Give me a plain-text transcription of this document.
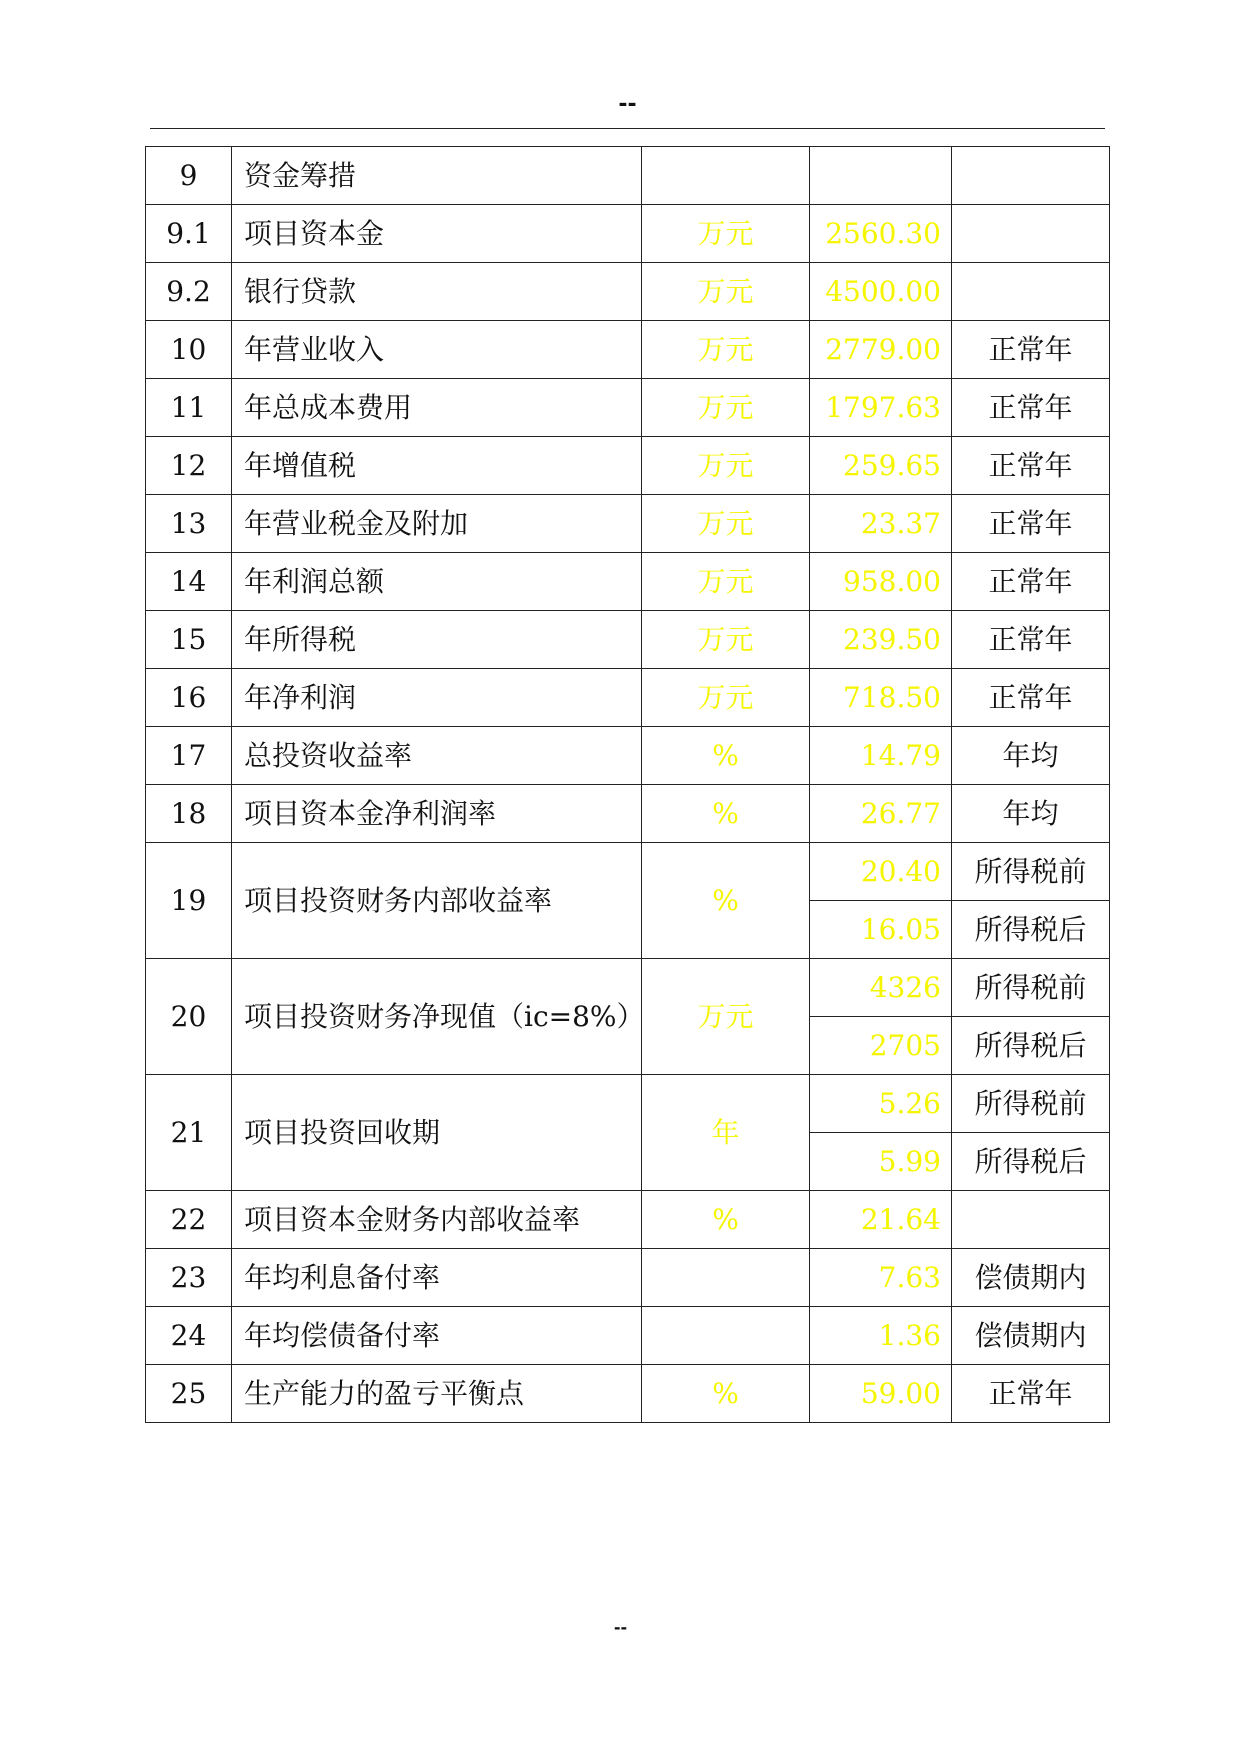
--
9	资金筹措			
9.1	项目资本金	万元	2560.30	
9.2	银行贷款	万元	4500.00	
10	年营业收入	万元	2779.00	正常年
11	年总成本费用	万元	1797.63	正常年
12	年增值税	万元	259.65	正常年
13	年营业税金及附加	万元	23.37	正常年
14	年利润总额	万元	958.00	正常年
15	年所得税	万元	239.50	正常年
16	年净利润	万元	718.50	正常年
17	总投资收益率	%	14.79	年均
18	项目资本金净利润率	%	26.77	年均
19	项目投资财务内部收益率	%	20.40	所得税前
			16.05	所得税后
20	项目投资财务净现值（iс=8%）	万元	4326	所得税前
			2705	所得税后
21	项目投资回收期	年	5.26	所得税前
			5.99	所得税后
22	项目资本金财务内部收益率	%	21.64	
23	年均利息备付率		7.63	偿债期内
24	年均偿债备付率		1.36	偿债期内
25	生产能力的盈亏平衡点	%	59.00	正常年
--
